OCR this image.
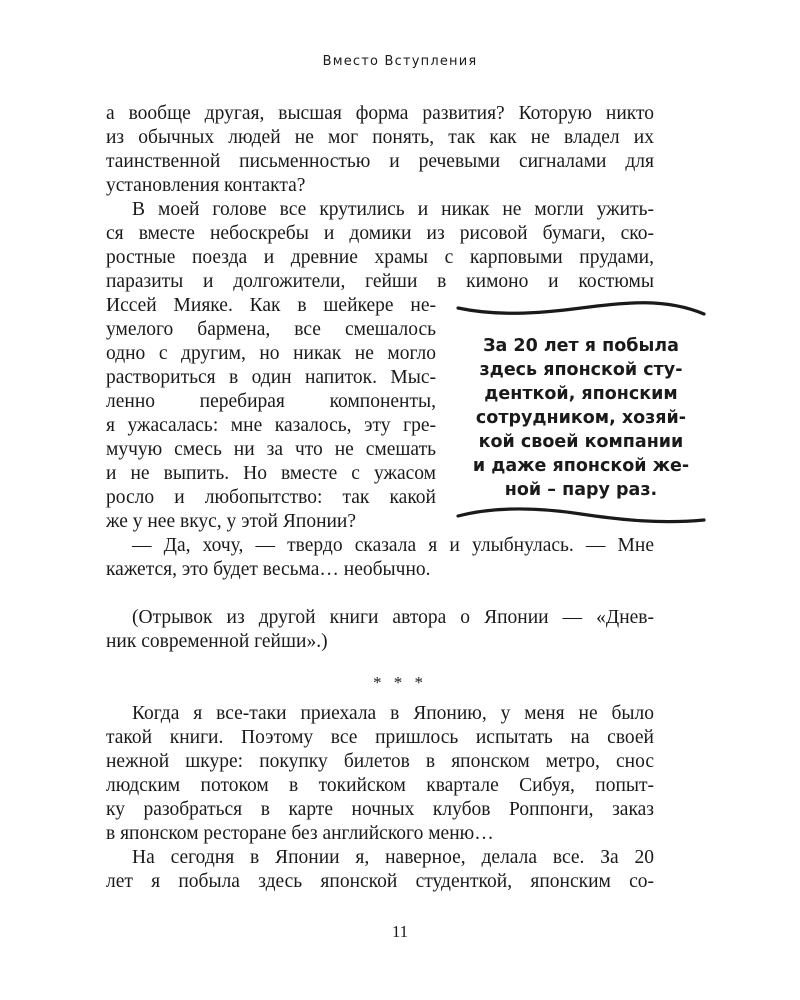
Вместо Вступления
а вообще другая, высшая форма развития? Которую никто
из обычных людей не мог понять, так как не владел их
таинственной письменностью и речевыми сигналами для
установления контакта?
В моей голове все крутились и никак не могли ужить-
ся вместе небоскребы и домики из рисовой бумаги, ско-
ростные поезда и древние храмы с карповыми прудами,
паразиты и долгожители, гейши в кимоно и костюмы
Иссей Мияке. Как в шейкере не-
умелого бармена, все смешалось
одно с другим, но никак не могло
раствориться в один напиток. Мыс-
ленно перебирая компоненты,
я ужасалась: мне казалось, эту гре-
мучую смесь ни за что не смешать
и не выпить. Но вместе с ужасом
росло и любопытство: так какой
же у нее вкус, у этой Японии?
— Да, хочу, — твердо сказала я и улыбнулась. — Мне
кажется, это будет весьма… необычно.
(Отрывок из другой книги автора о Японии — «Днев-
ник современной гейши».)
* * *
Когда я все-таки приехала в Японию, у меня не было
такой книги. Поэтому все пришлось испытать на своей
нежной шкуре: покупку билетов в японском метро, снос
людским потоком в токийском квартале Сибуя, попыт-
ку разобраться в карте ночных клубов Роппонги, заказ
в японском ресторане без английского меню…
На сегодня в Японии я, наверное, делала все. За 20
лет я побыла здесь японской студенткой, японским со-
За 20 лет я побыла
здесь японской сту-
денткой, японским
сотрудником, хозяй-
кой своей компании
и даже японской же-
ной – пару раз.
11
